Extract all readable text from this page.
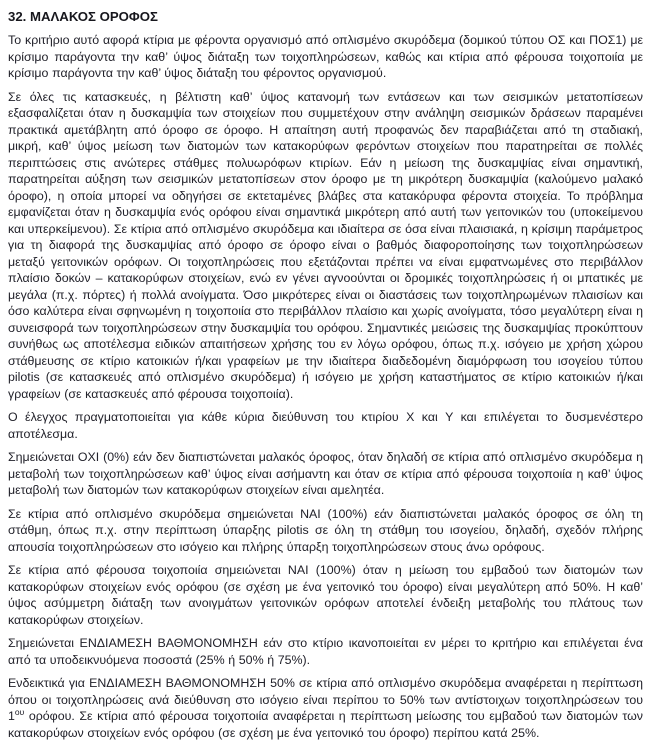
32. ΜΑΛΑΚΟΣ ΟΡΟΦΟΣ

Το κριτήριο αυτό αφορά κτίρια με φέροντα οργανισμό από οπλισμένο σκυρόδεμα (δομικού τύπου ΟΣ και ΠΟΣ1) με κρίσιμο παράγοντα την καθ’ ύψος διάταξη των τοιχοπληρώσεων, καθώς και κτίρια από φέρουσα τοιχοποιία με κρίσιμο παράγοντα την καθ’ ύψος διάταξη του φέροντος οργανισμού.

Σε όλες τις κατασκευές, η βέλτιστη καθ’ ύψος κατανομή των εντάσεων και των σεισμικών μετατοπίσεων εξασφαλίζεται όταν η δυσκαμψία των στοιχείων που συμμετέχουν στην ανάληψη σεισμικών δράσεων παραμένει πρακτικά αμετάβλητη από όροφο σε όροφο. Η απαίτηση αυτή προφανώς δεν παραβιάζεται από τη σταδιακή, μικρή, καθ’ ύψος μείωση των διατομών των κατακορύφων φερόντων στοιχείων που παρατηρείται σε πολλές περιπτώσεις στις ανώτερες στάθμες πολυωρόφων κτιρίων. Εάν η μείωση της δυσκαμψίας είναι σημαντική, παρατηρείται αύξηση των σεισμικών μετατοπίσεων στον όροφο με τη μικρότερη δυσκαμψία (καλούμενο μαλακό όροφο), η οποία μπορεί να οδηγήσει σε εκτεταμένες βλάβες στα κατακόρυφα φέροντα στοιχεία. Το πρόβλημα εμφανίζεται όταν η δυσκαμψία ενός ορόφου είναι σημαντικά μικρότερη από αυτή των γειτονικών του (υποκείμενου και υπερκείμενου). Σε κτίρια από οπλισμένο σκυρόδεμα και ιδιαίτερα σε όσα είναι πλαισιακά, η κρίσιμη παράμετρος για τη διαφορά της δυσκαμψίας από όροφο σε όροφο είναι ο βαθμός διαφοροποίησης των τοιχοπληρώσεων μεταξύ γειτονικών ορόφων. Οι τοιχοπληρώσεις που εξετάζονται πρέπει να είναι εμφατνωμένες στο περιβάλλον πλαίσιο δοκών – κατακορύφων στοιχείων, ενώ εν γένει αγνοούνται οι δρομικές τοιχοπληρώσεις ή οι μπατικές με μεγάλα (π.χ. πόρτες) ή πολλά ανοίγματα. Όσο μικρότερες είναι οι διαστάσεις των τοιχοπληρωμένων πλαισίων και όσο καλύτερα είναι σφηνωμένη η τοιχοποιία στο περιβάλλον πλαίσιο και χωρίς ανοίγματα, τόσο μεγαλύτερη είναι η συνεισφορά των τοιχοπληρώσεων στην δυσκαμψία του ορόφου. Σημαντικές μειώσεις της δυσκαμψίας προκύπτουν συνήθως ως αποτέλεσμα ειδικών απαιτήσεων χρήσης του εν λόγω ορόφου, όπως π.χ. ισόγειο με χρήση χώρου στάθμευσης σε κτίριο κατοικιών ή/και γραφείων με την ιδιαίτερα διαδεδομένη διαμόρφωση του ισογείου τύπου pilotis (σε κατασκευές από οπλισμένο σκυρόδεμα) ή ισόγειο με χρήση καταστήματος σε κτίριο κατοικιών ή/και γραφείων (σε κατασκευές από φέρουσα τοιχοποιία).

Ο έλεγχος πραγματοποιείται για κάθε κύρια διεύθυνση του κτιρίου X και Y και επιλέγεται το δυσμενέστερο αποτέλεσμα.

Σημειώνεται ΟΧΙ (0%) εάν δεν διαπιστώνεται μαλακός όροφος, όταν δηλαδή σε κτίρια από οπλισμένο σκυρόδεμα η μεταβολή των τοιχοπληρώσεων καθ’ ύψος είναι ασήμαντη και όταν σε κτίρια από φέρουσα τοιχοποιία η καθ’ ύψος μεταβολή των διατομών των κατακορύφων στοιχείων είναι αμελητέα.

Σε κτίρια από οπλισμένο σκυρόδεμα σημειώνεται ΝΑΙ (100%) εάν διαπιστώνεται μαλακός όροφος σε όλη τη στάθμη, όπως π.χ. στην περίπτωση ύπαρξης pilotis σε όλη τη στάθμη του ισογείου, δηλαδή, σχεδόν πλήρης απουσία τοιχοπληρώσεων στο ισόγειο και πλήρης ύπαρξη τοιχοπληρώσεων στους άνω ορόφους.

Σε κτίρια από φέρουσα τοιχοποιία σημειώνεται ΝΑΙ (100%) όταν η μείωση του εμβαδού των διατομών των κατακορύφων στοιχείων ενός ορόφου (σε σχέση με ένα γειτονικό του όροφο) είναι μεγαλύτερη από 50%. Η καθ’ ύψος ασύμμετρη διάταξη των ανοιγμάτων γειτονικών ορόφων αποτελεί ένδειξη μεταβολής του πλάτους των κατακορύφων στοιχείων.

Σημειώνεται ΕΝΔΙΑΜΕΣΗ ΒΑΘΜΟΝΟΜΗΣΗ εάν στο κτίριο ικανοποιείται εν μέρει το κριτήριο και επιλέγεται ένα από τα υποδεικνυόμενα ποσοστά (25% ή 50% ή 75%).

Ενδεικτικά για ΕΝΔΙΑΜΕΣΗ ΒΑΘΜΟΝΟΜΗΣΗ 50% σε κτίρια από οπλισμένο σκυρόδεμα αναφέρεται η περίπτωση όπου οι τοιχοπληρώσεις ανά διεύθυνση στο ισόγειο είναι περίπου το 50% των αντίστοιχων τοιχοπληρώσεων του $1^{o\upsilon}$ ορόφου. Σε κτίρια από φέρουσα τοιχοποιία αναφέρεται η περίπτωση μείωσης του εμβαδού των διατομών των κατακορύφων στοιχείων ενός ορόφου (σε σχέση με ένα γειτονικό του όροφο) περίπου κατά 25%.
